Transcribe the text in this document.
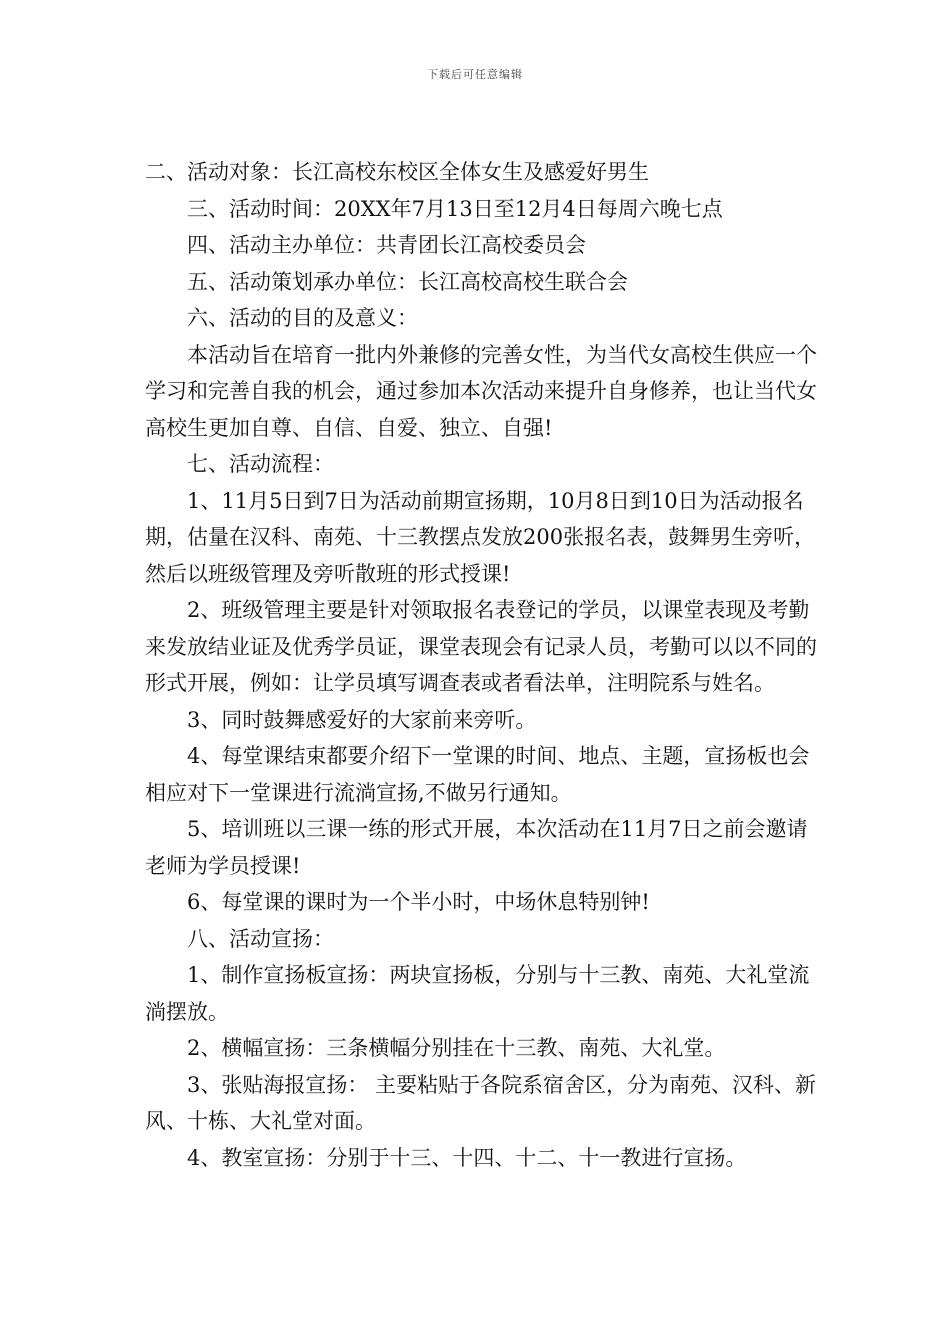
下载后可任意编辑

二、活动对象：长江高校东校区全体女生及感爱好男生

三、活动时间：20XX年7月13日至12月4日每周六晚七点

四、活动主办单位：共青团长江高校委员会

五、活动策划承办单位：长江高校高校生联合会

六、活动的目的及意义：

本活动旨在培育一批内外兼修的完善女性，为当代女高校生供应一个学习和完善自我的机会，通过参加本次活动来提升自身修养，也让当代女高校生更加自尊、自信、自爱、独立、自强!

七、活动流程：

1、11月5日到7日为活动前期宣扬期，10月8日到10日为活动报名期，估量在汉科、南苑、十三教摆点发放200张报名表，鼓舞男生旁听，然后以班级管理及旁听散班的形式授课!

2、班级管理主要是针对领取报名表登记的学员，以课堂表现及考勤来发放结业证及优秀学员证，课堂表现会有记录人员，考勤可以以不同的形式开展，例如：让学员填写调查表或者看法单，注明院系与姓名。

3、同时鼓舞感爱好的大家前来旁听。

4、每堂课结束都要介绍下一堂课的时间、地点、主题，宣扬板也会相应对下一堂课进行流淌宣扬,不做另行通知。

5、培训班以三课一练的形式开展，本次活动在11月7日之前会邀请老师为学员授课!

6、每堂课的课时为一个半小时，中场休息特别钟!

八、活动宣扬：

1、制作宣扬板宣扬：两块宣扬板，分别与十三教、南苑、大礼堂流淌摆放。

2、横幅宣扬：三条横幅分别挂在十三教、南苑、大礼堂。

3、张贴海报宣扬： 主要粘贴于各院系宿舍区，分为南苑、汉科、新风、十栋、大礼堂对面。

4、教室宣扬：分别于十三、十四、十二、十一教进行宣扬。
